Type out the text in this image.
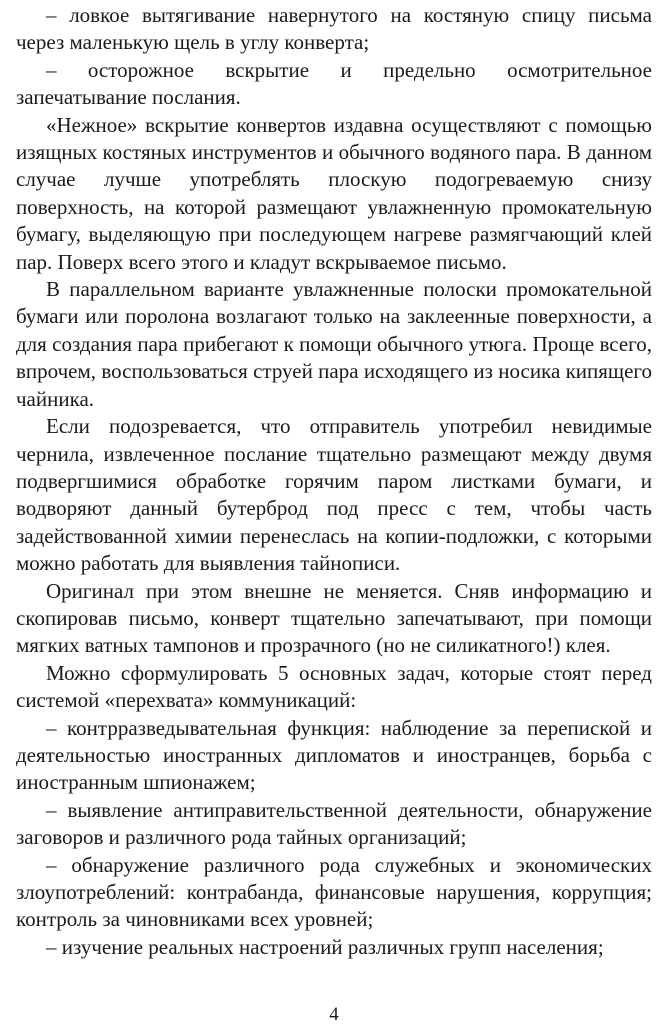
– ловкое вытягивание навернутого на костяную спицу письма через маленькую щель в углу конверта;

– осторожное вскрытие и предельно осмотрительное запечатывание послания.

«Нежное» вскрытие конвертов издавна осуществляют с помощью изящных костяных инструментов и обычного водяного пара. В данном случае лучше употреблять плоскую подогреваемую снизу поверхность, на которой размещают увлажненную промокательную бумагу, выделяющую при последующем нагреве размягчающий клей пар. Поверх всего этого и кладут вскрываемое письмо.

В параллельном варианте увлажненные полоски промокательной бумаги или поролона возлагают только на заклеенные поверхности, а для создания пара прибегают к помощи обычного утюга. Проще всего, впрочем, воспользоваться струей пара исходящего из носика кипящего чайника.

Если подозревается, что отправитель употребил невидимые чернила, извлеченное послание тщательно размещают между двумя подвергшимися обработке горячим паром листками бумаги, и водворяют данный бутерброд под пресс с тем, чтобы часть задействованной химии перенеслась на копии-подложки, с которыми можно работать для выявления тайнописи.

Оригинал при этом внешне не меняется. Сняв информацию и скопировав письмо, конверт тщательно запечатывают, при помощи мягких ватных тампонов и прозрачного (но не силикатного!) клея.

Можно сформулировать 5 основных задач, которые стоят перед системой «перехвата» коммуникаций:

– контрразведывательная функция: наблюдение за перепиской и деятельностью иностранных дипломатов и иностранцев, борьба с иностранным шпионажем;

– выявление антиправительственной деятельности, обнаружение заговоров и различного рода тайных организаций;

– обнаружение различного рода служебных и экономических злоупотреблений: контрабанда, финансовые нарушения, коррупция; контроль за чиновниками всех уровней;

– изучение реальных настроений различных групп населения;

4
